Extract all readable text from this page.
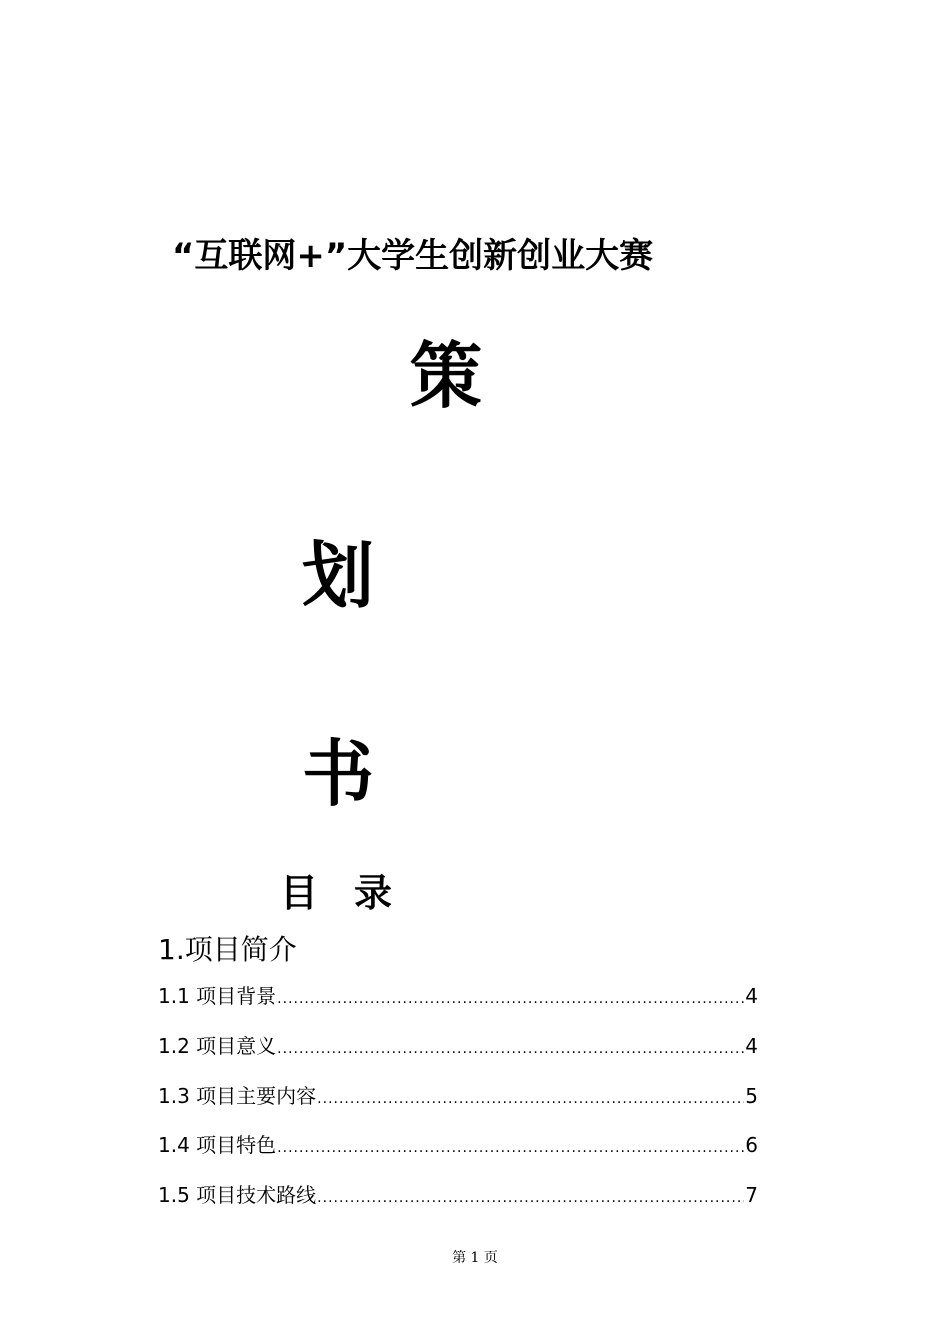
“互联网+”大学生创新创业大赛
策
划
书
目 录
1.项目简介
1.1 项目背景 .....	4
1.2 项目意义 .....	4
1.3 项目主要内容 .....	5
1.4 项目特色 .....	6
1.5 项目技术路线 .....	7
第 1 页
